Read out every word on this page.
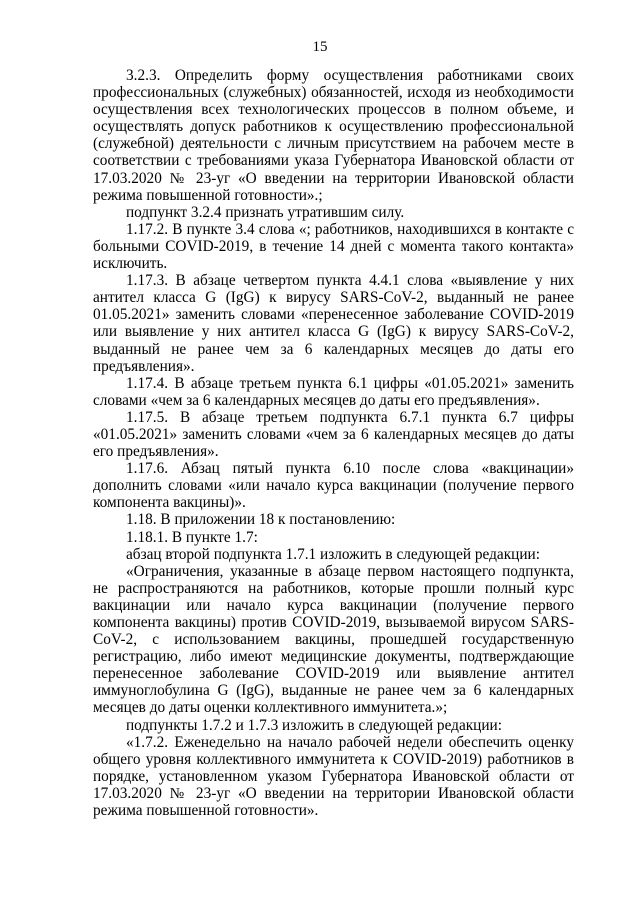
15

3.2.3. Определить форму осуществления работниками своих профессиональных (служебных) обязанностей, исходя из необходимости осуществления всех технологических процессов в полном объеме, и осуществлять допуск работников к осуществлению профессиональной (служебной) деятельности с личным присутствием на рабочем месте в соответствии с требованиями указа Губернатора Ивановской области от 17.03.2020 № 23-уг «О введении на территории Ивановской области режима повышенной готовности».;

подпункт 3.2.4 признать утратившим силу.

1.17.2. В пункте 3.4 слова «; работников, находившихся в контакте с больными COVID-2019, в течение 14 дней с момента такого контакта» исключить.

1.17.3. В абзаце четвертом пункта 4.4.1 слова «выявление у них антител класса G (IgG) к вирусу SARS-CoV-2, выданный не ранее 01.05.2021» заменить словами «перенесенное заболевание COVID-2019 или выявление у них антител класса G (IgG) к вирусу SARS-CoV-2, выданный не ранее чем за 6 календарных месяцев до даты его предъявления».

1.17.4. В абзаце третьем пункта 6.1 цифры «01.05.2021» заменить словами «чем за 6 календарных месяцев до даты его предъявления».

1.17.5. В абзаце третьем подпункта 6.7.1 пункта 6.7 цифры «01.05.2021» заменить словами «чем за 6 календарных месяцев до даты его предъявления».

1.17.6. Абзац пятый пункта 6.10 после слова «вакцинации» дополнить словами «или начало курса вакцинации (получение первого компонента вакцины)».

1.18. В приложении 18 к постановлению:

1.18.1. В пункте 1.7:

абзац второй подпункта 1.7.1 изложить в следующей редакции:

«Ограничения, указанные в абзаце первом настоящего подпункта, не распространяются на работников, которые прошли полный курс вакцинации или начало курса вакцинации (получение первого компонента вакцины) против COVID-2019, вызываемой вирусом SARS-CoV-2, с использованием вакцины, прошедшей государственную регистрацию, либо имеют медицинские документы, подтверждающие перенесенное заболевание COVID-2019 или выявление антител иммуноглобулина G (IgG), выданные не ранее чем за 6 календарных месяцев до даты оценки коллективного иммунитета.»;

подпункты 1.7.2 и 1.7.3 изложить в следующей редакции:

«1.7.2. Еженедельно на начало рабочей недели обеспечить оценку общего уровня коллективного иммунитета к COVID-2019) работников в порядке, установленном указом Губернатора Ивановской области от 17.03.2020 № 23-уг «О введении на территории Ивановской области режима повышенной готовности».
